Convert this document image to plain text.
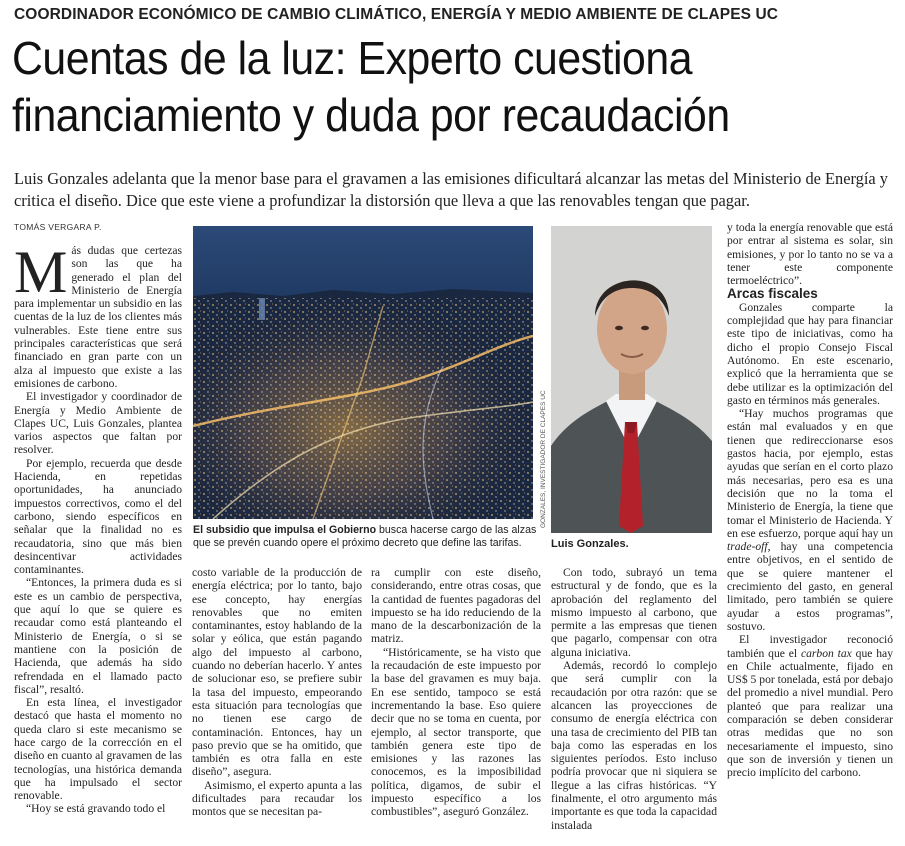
COORDINADOR ECONÓMICO DE CAMBIO CLIMÁTICO, ENERGÍA Y MEDIO AMBIENTE DE CLAPES UC
Cuentas de la luz: Experto cuestiona financiamiento y duda por recaudación
Luis Gonzales adelanta que la menor base para el gravamen a las emisiones dificultará alcanzar las metas del Ministerio de Energía y critica el diseño. Dice que este viene a profundizar la distorsión que lleva a que las renovables tengan que pagar.
TOMÁS VERGARA P.

Más dudas que certezas son las que ha generado el plan del Ministerio de Energía para implementar un subsidio en las cuentas de la luz de los clientes más vulnerables. Este tiene entre sus principales características que será financiado en gran parte con un alza al impuesto que existe a las emisiones de carbono.

El investigador y coordinador de Energía y Medio Ambiente de Clapes UC, Luis Gonzales, plantea varios aspectos que faltan por resolver.

Por ejemplo, recuerda que desde Hacienda, en repetidas oportunidades, ha anunciado impuestos correctivos, como el del carbono, siendo específicos en señalar que la finalidad no es recaudatoria, sino que más bien desincentivar actividades contaminantes.

“Entonces, la primera duda es si este es un cambio de perspectiva, que aquí lo que se quiere es recaudar como está planteando el Ministerio de Energía, o si se mantiene con la posición de Hacienda, que además ha sido refrendada en el llamado pacto fiscal”, resaltó.

En esta línea, el investigador destacó que hasta el momento no queda claro si este mecanismo se hace cargo de la corrección en el diseño en cuanto al gravamen de las tecnologías, una histórica demanda que ha impulsado el sector renovable.

“Hoy se está gravando todo el

El subsidio que impulsa el Gobierno busca hacerse cargo de las alzas que se prevén cuando opere el próximo decreto que define las tarifas.
GONZALES, INVESTIGADOR DE CLAPES UC
Luis Gonzales.

costo variable de la producción de energía eléctrica; por lo tanto, bajo ese concepto, hay energías renovables que no emiten contaminantes, estoy hablando de la solar y eólica, que están pagando algo del impuesto al carbono, cuando no deberían hacerlo. Y antes de solucionar eso, se prefiere subir la tasa del impuesto, empeorando esta situación para tecnologías que no tienen ese cargo de contaminación. Entonces, hay un paso previo que se ha omitido, que también es otra falla en este diseño”, asegura.

Asimismo, el experto apunta a las dificultades para recaudar los montos que se necesitan pa-

ra cumplir con este diseño, considerando, entre otras cosas, que la cantidad de fuentes pagadoras del impuesto se ha ido reduciendo de la mano de la descarbonización de la matriz.

“Históricamente, se ha visto que la recaudación de este impuesto por la base del gravamen es muy baja. En ese sentido, tampoco se está incrementando la base. Eso quiere decir que no se toma en cuenta, por ejemplo, al sector transporte, que también genera este tipo de emisiones y las razones las conocemos, es la imposibilidad política, digamos, de subir el impuesto específico a los combustibles”, aseguró González.

Con todo, subrayó un tema estructural y de fondo, que es la aprobación del reglamento del mismo impuesto al carbono, que permite a las empresas que tienen que pagarlo, compensar con otra alguna iniciativa.

Además, recordó lo complejo que será cumplir con la recaudación por otra razón: que se alcancen las proyecciones de consumo de energía eléctrica con una tasa de crecimiento del PIB tan baja como las esperadas en los siguientes períodos. Esto incluso podría provocar que ni siquiera se llegue a las cifras históricas. “Y finalmente, el otro argumento más importante es que toda la capacidad instalada

y toda la energía renovable que está por entrar al sistema es solar, sin emisiones, y por lo tanto no se va a tener este componente termoeléctrico”.

Arcas fiscales

Gonzales comparte la complejidad que hay para financiar este tipo de iniciativas, como ha dicho el propio Consejo Fiscal Autónomo. En este escenario, explicó que la herramienta que se debe utilizar es la optimización del gasto en términos más generales.

“Hay muchos programas que están mal evaluados y en que tienen que redireccionarse esos gastos hacia, por ejemplo, estas ayudas que serían en el corto plazo más necesarias, pero esa es una decisión que no la toma el Ministerio de Energía, la tiene que tomar el Ministerio de Hacienda. Y en ese esfuerzo, porque aquí hay un trade-off, hay una competencia entre objetivos, en el sentido de que se quiere mantener el crecimiento del gasto, en general limitado, pero también se quiere ayudar a estos programas”, sostuvo.

El investigador reconoció también que el carbon tax que hay en Chile actualmente, fijado en US$ 5 por tonelada, está por debajo del promedio a nivel mundial. Pero planteó que para realizar una comparación se deben considerar otras medidas que no son necesariamente el impuesto, sino que son de inversión y tienen un precio implícito del carbono.
